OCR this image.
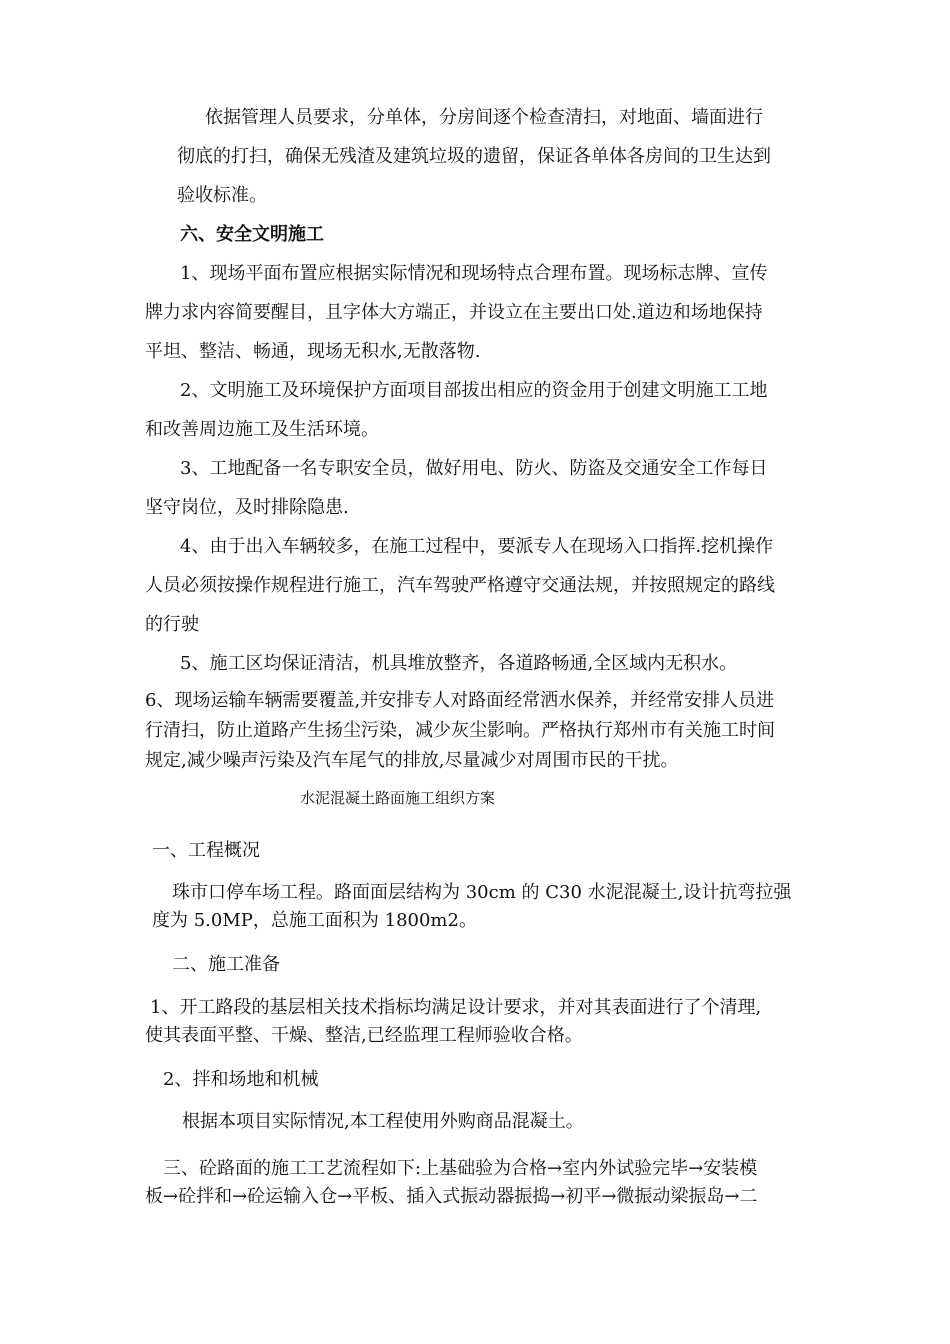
依据管理人员要求，分单体，分房间逐个检查清扫，对地面、墙面进行

彻底的打扫，确保无残渣及建筑垃圾的遗留，保证各单体各房间的卫生达到

验收标准。

六、安全文明施工

1、现场平面布置应根据实际情况和现场特点合理布置。现场标志牌、宣传

牌力求内容简要醒目，且字体大方端正，并设立在主要出口处.道边和场地保持

平坦、整洁、畅通，现场无积水,无散落物.

2、文明施工及环境保护方面项目部拔出相应的资金用于创建文明施工工地

和改善周边施工及生活环境。

3、工地配备一名专职安全员，做好用电、防火、防盗及交通安全工作每日

坚守岗位，及时排除隐患.

4、由于出入车辆较多，在施工过程中，要派专人在现场入口指挥.挖机操作

人员必须按操作规程进行施工，汽车驾驶严格遵守交通法规，并按照规定的路线

的行驶

5、施工区均保证清洁，机具堆放整齐，各道路畅通,全区域内无积水。

6、现场运输车辆需要覆盖,并安排专人对路面经常洒水保养，并经常安排人员进

行清扫，防止道路产生扬尘污染，减少灰尘影响。严格执行郑州市有关施工时间

规定,减少噪声污染及汽车尾气的排放,尽量减少对周围市民的干扰。

水泥混凝土路面施工组织方案

一、工程概况

珠市口停车场工程。路面面层结构为 30cm 的 C30 水泥混凝土,设计抗弯拉强

度为 5.0MP，总施工面积为 1800m2。

二、施工准备

1、开工路段的基层相关技术指标均满足设计要求，并对其表面进行了个清理,

使其表面平整、干燥、整洁,已经监理工程师验收合格。

2、拌和场地和机械

根据本项目实际情况,本工程使用外购商品混凝土。

三、砼路面的施工工艺流程如下:上基础验为合格→室内外试验完毕→安装模

板→砼拌和→砼运输入仓→平板、插入式振动器振捣→初平→微振动梁振岛→二
